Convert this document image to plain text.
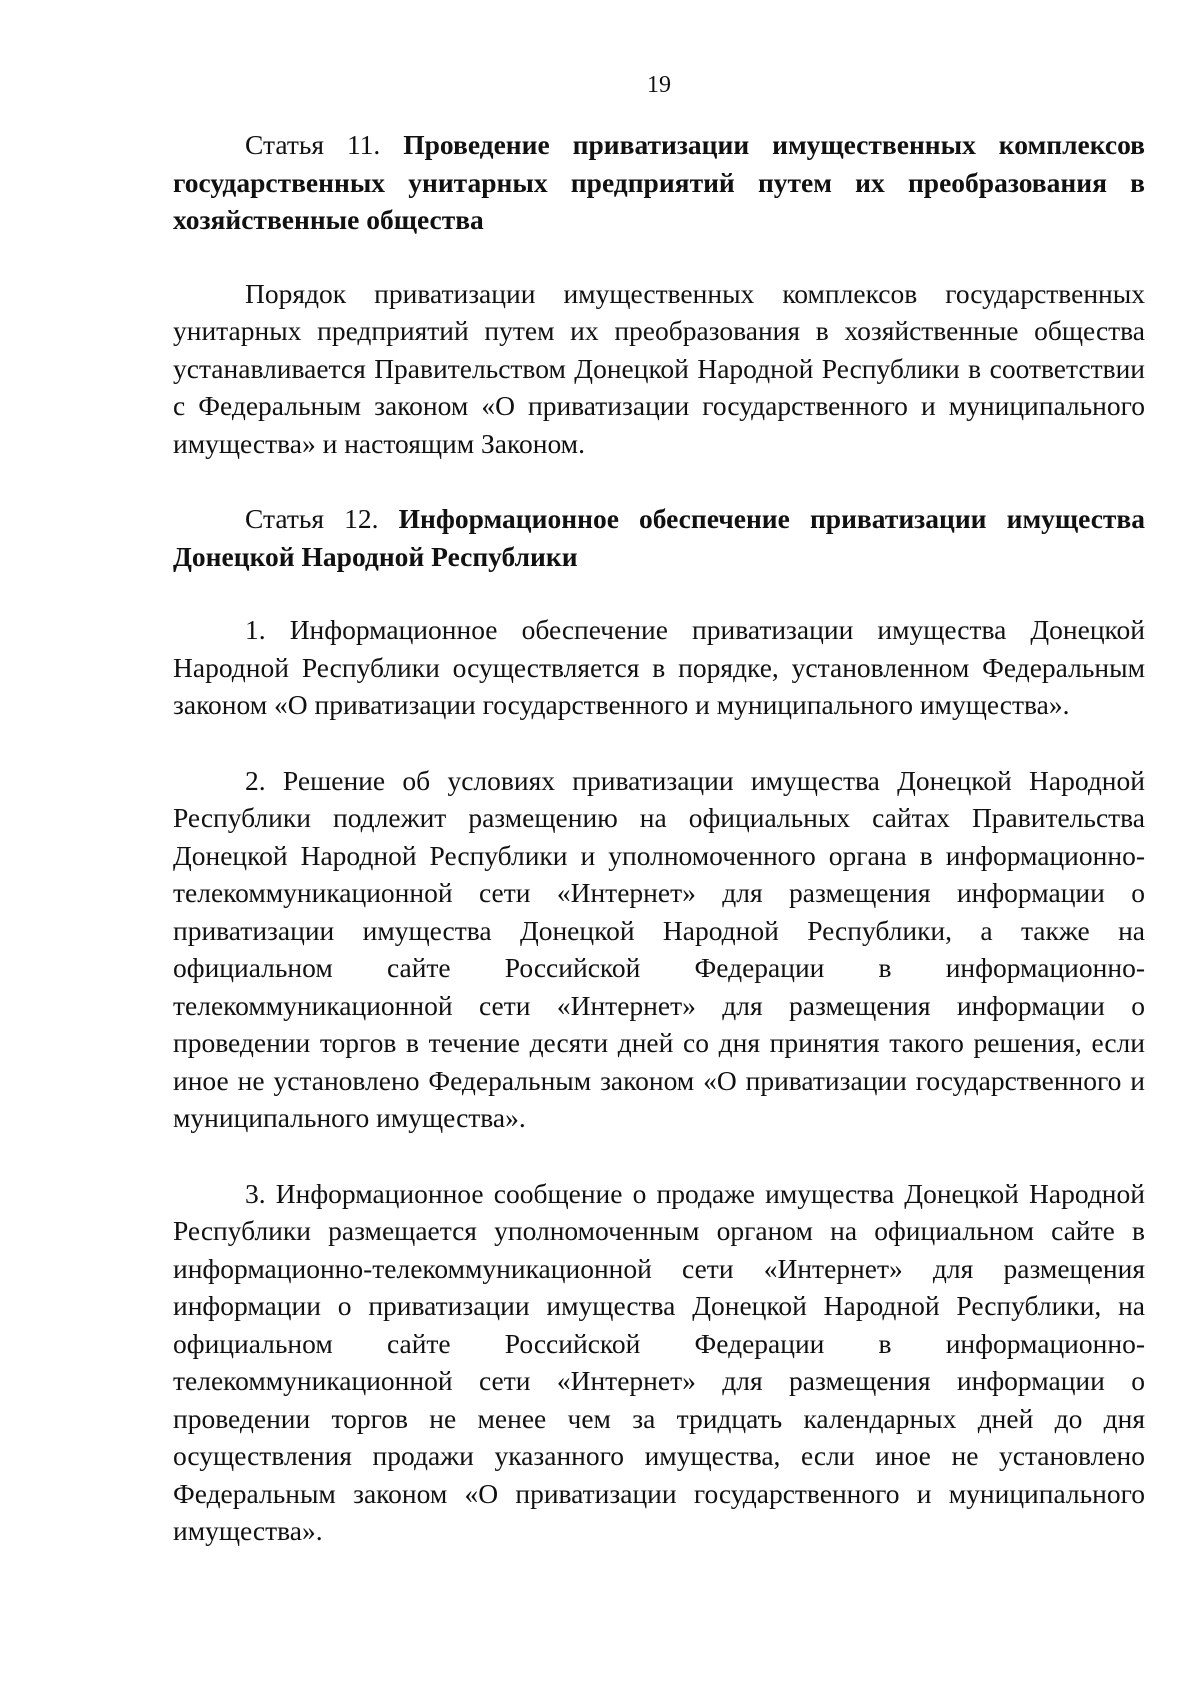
19

Статья 11. Проведение приватизации имущественных комплексов государственных унитарных предприятий путем их преобразования в хозяйственные общества

Порядок приватизации имущественных комплексов государственных унитарных предприятий путем их преобразования в хозяйственные общества устанавливается Правительством Донецкой Народной Республики в соответствии с Федеральным законом «О приватизации государственного и муниципального имущества» и настоящим Законом.

Статья 12. Информационное обеспечение приватизации имущества Донецкой Народной Республики

1. Информационное обеспечение приватизации имущества Донецкой Народной Республики осуществляется в порядке, установленном Федеральным законом «О приватизации государственного и муниципального имущества».

2. Решение об условиях приватизации имущества Донецкой Народной Республики подлежит размещению на официальных сайтах Правительства Донецкой Народной Республики и уполномоченного органа в информационно-телекоммуникационной сети «Интернет» для размещения информации о приватизации имущества Донецкой Народной Республики, а также на официальном сайте Российской Федерации в информационно-телекоммуникационной сети «Интернет» для размещения информации о проведении торгов в течение десяти дней со дня принятия такого решения, если иное не установлено Федеральным законом «О приватизации государственного и муниципального имущества».

3. Информационное сообщение о продаже имущества Донецкой Народной Республики размещается уполномоченным органом на официальном сайте в информационно-телекоммуникационной сети «Интернет» для размещения информации о приватизации имущества Донецкой Народной Республики, на официальном сайте Российской Федерации в информационно-телекоммуникационной сети «Интернет» для размещения информации о проведении торгов не менее чем за тридцать календарных дней до дня осуществления продажи указанного имущества, если иное не установлено Федеральным законом «О приватизации государственного и муниципального имущества».
